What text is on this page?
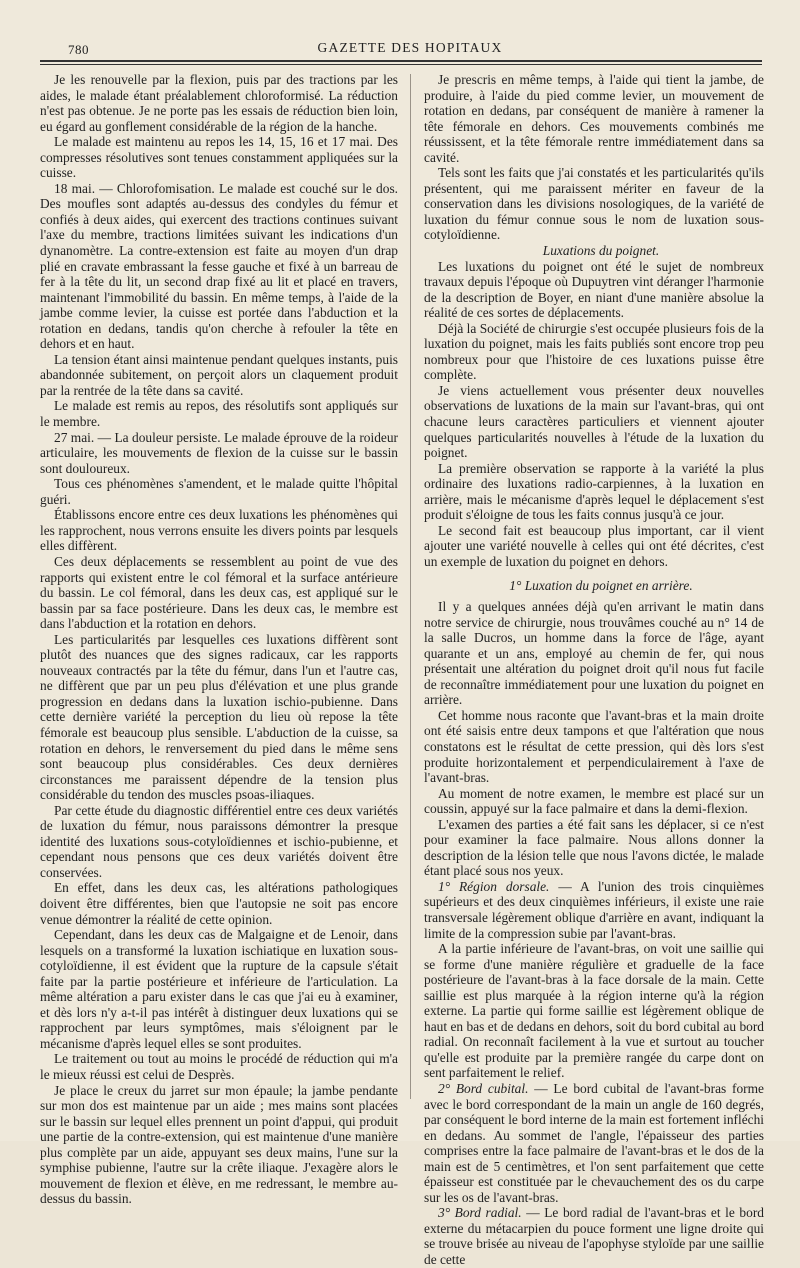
780	GAZETTE DES HOPITAUX

Je les renouvelle par la flexion, puis par des tractions par les aides, le malade étant préalablement chloroformisé. La réduction n'est pas obtenue. Je ne porte pas les essais de réduction bien loin, eu égard au gonflement considérable de la région de la hanche.

Le malade est maintenu au repos les 14, 15, 16 et 17 mai. Des compresses résolutives sont tenues constamment appliquées sur la cuisse.

18 mai. — Chlorofomisation. Le malade est couché sur le dos. Des moufles sont adaptés au-dessus des condyles du fémur et confiés à deux aides, qui exercent des tractions continues suivant l'axe du membre, tractions limitées suivant les indications d'un dynanomètre. La contre-extension est faite au moyen d'un drap plié en cravate embrassant la fesse gauche et fixé à un barreau de fer à la tête du lit, un second drap fixé au lit et placé en travers, maintenant l'immobilité du bassin. En même temps, à l'aide de la jambe comme levier, la cuisse est portée dans l'abduction et la rotation en dedans, tandis qu'on cherche à refouler la tête en dehors et en haut.

La tension étant ainsi maintenue pendant quelques instants, puis abandonnée subitement, on perçoit alors un claquement produit par la rentrée de la tête dans sa cavité.

Le malade est remis au repos, des résolutifs sont appliqués sur le membre.

27 mai. — La douleur persiste. Le malade éprouve de la roideur articulaire, les mouvements de flexion de la cuisse sur le bassin sont douloureux.

Tous ces phénomènes s'amendent, et le malade quitte l'hôpital guéri.

Établissons encore entre ces deux luxations les phénomènes qui les rapprochent, nous verrons ensuite les divers points par lesquels elles diffèrent.

Ces deux déplacements se ressemblent au point de vue des rapports qui existent entre le col fémoral et la surface antérieure du bassin. Le col fémoral, dans les deux cas, est appliqué sur le bassin par sa face postérieure. Dans les deux cas, le membre est dans l'abduction et la rotation en dehors.

Les particularités par lesquelles ces luxations diffèrent sont plutôt des nuances que des signes radicaux, car les rapports nouveaux contractés par la tête du fémur, dans l'un et l'autre cas, ne diffèrent que par un peu plus d'élévation et une plus grande progression en dedans dans la luxation ischio-pubienne. Dans cette dernière variété la perception du lieu où repose la tête fémorale est beaucoup plus sensible. L'abduction de la cuisse, sa rotation en dehors, le renversement du pied dans le même sens sont beaucoup plus considérables. Ces deux dernières circonstances me paraissent dépendre de la tension plus considérable du tendon des muscles psoas-iliaques.

Par cette étude du diagnostic différentiel entre ces deux variétés de luxation du fémur, nous paraissons démontrer la presque identité des luxations sous-cotyloïdiennes et ischio-pubienne, et cependant nous pensons que ces deux variétés doivent être conservées.

En effet, dans les deux cas, les altérations pathologiques doivent être différentes, bien que l'autopsie ne soit pas encore venue démontrer la réalité de cette opinion.

Cependant, dans les deux cas de Malgaigne et de Lenoir, dans lesquels on a transformé la luxation ischiatique en luxation sous-cotyloïdienne, il est évident que la rupture de la capsule s'était faite par la partie postérieure et inférieure de l'articulation. La même altération a paru exister dans le cas que j'ai eu à examiner, et dès lors n'y a-t-il pas intérêt à distinguer deux luxations qui se rapprochent par leurs symptômes, mais s'éloignent par le mécanisme d'après lequel elles se sont produites.

Le traitement ou tout au moins le procédé de réduction qui m'a le mieux réussi est celui de Desprès.

Je place le creux du jarret sur mon épaule; la jambe pendante sur mon dos est maintenue par un aide ; mes mains sont placées sur le bassin sur lequel elles prennent un point d'appui, qui produit une partie de la contre-extension, qui est maintenue d'une manière plus complète par un aide, appuyant ses deux mains, l'une sur la symphise pubienne, l'autre sur la crête iliaque. J'exagère alors le mouvement de flexion et élève, en me redressant, le membre au-dessus du bassin.

Je prescris en même temps, à l'aide qui tient la jambe, de produire, à l'aide du pied comme levier, un mouvement de rotation en dedans, par conséquent de manière à ramener la tête fémorale en dehors. Ces mouvements combinés me réussissent, et la tête fémorale rentre immédiatement dans sa cavité.

Tels sont les faits que j'ai constatés et les particularités qu'ils présentent, qui me paraissent mériter en faveur de la conservation dans les divisions nosologiques, de la variété de luxation du fémur connue sous le nom de luxation sous-cotyloïdienne.

Luxations du poignet.

Les luxations du poignet ont été le sujet de nombreux travaux depuis l'époque où Dupuytren vint déranger l'harmonie de la description de Boyer, en niant d'une manière absolue la réalité de ces sortes de déplacements.

Déjà la Société de chirurgie s'est occupée plusieurs fois de la luxation du poignet, mais les faits publiés sont encore trop peu nombreux pour que l'histoire de ces luxations puisse être complète.

Je viens actuellement vous présenter deux nouvelles observations de luxations de la main sur l'avant-bras, qui ont chacune leurs caractères particuliers et viennent ajouter quelques particularités nouvelles à l'étude de la luxation du poignet.

La première observation se rapporte à la variété la plus ordinaire des luxations radio-carpiennes, à la luxation en arrière, mais le mécanisme d'après lequel le déplacement s'est produit s'éloigne de tous les faits connus jusqu'à ce jour.

Le second fait est beaucoup plus important, car il vient ajouter une variété nouvelle à celles qui ont été décrites, c'est un exemple de luxation du poignet en dehors.

1° Luxation du poignet en arrière.

Il y a quelques années déjà qu'en arrivant le matin dans notre service de chirurgie, nous trouvâmes couché au n° 14 de la salle Ducros, un homme dans la force de l'âge, ayant quarante et un ans, employé au chemin de fer, qui nous présentait une altération du poignet droit qu'il nous fut facile de reconnaître immédiatement pour une luxation du poignet en arrière.

Cet homme nous raconte que l'avant-bras et la main droite ont été saisis entre deux tampons et que l'altération que nous constatons est le résultat de cette pression, qui dès lors s'est produite horizontalement et perpendiculairement à l'axe de l'avant-bras.

Au moment de notre examen, le membre est placé sur un coussin, appuyé sur la face palmaire et dans la demi-flexion.

L'examen des parties a été fait sans les déplacer, si ce n'est pour examiner la face palmaire. Nous allons donner la description de la lésion telle que nous l'avons dictée, le malade étant placé sous nos yeux.

1° Région dorsale. — A l'union des trois cinquièmes supérieurs et des deux cinquièmes inférieurs, il existe une raie transversale légèrement oblique d'arrière en avant, indiquant la limite de la compression subie par l'avant-bras.

A la partie inférieure de l'avant-bras, on voit une saillie qui se forme d'une manière régulière et graduelle de la face postérieure de l'avant-bras à la face dorsale de la main. Cette saillie est plus marquée à la région interne qu'à la région externe. La partie qui forme saillie est légèrement oblique de haut en bas et de dedans en dehors, soit du bord cubital au bord radial. On reconnaît facilement à la vue et surtout au toucher qu'elle est produite par la première rangée du carpe dont on sent parfaitement le relief.

2° Bord cubital. — Le bord cubital de l'avant-bras forme avec le bord correspondant de la main un angle de 160 degrés, par conséquent le bord interne de la main est fortement infléchi en dedans. Au sommet de l'angle, l'épaisseur des parties comprises entre la face palmaire de l'avant-bras et le dos de la main est de 5 centimètres, et l'on sent parfaitement que cette épaisseur est constituée par le chevauchement des os du carpe sur les os de l'avant-bras.

3° Bord radial. — Le bord radial de l'avant-bras et le bord externe du métacarpien du pouce forment une ligne droite qui se trouve brisée au niveau de l'apophyse styloïde par une saillie de cette
